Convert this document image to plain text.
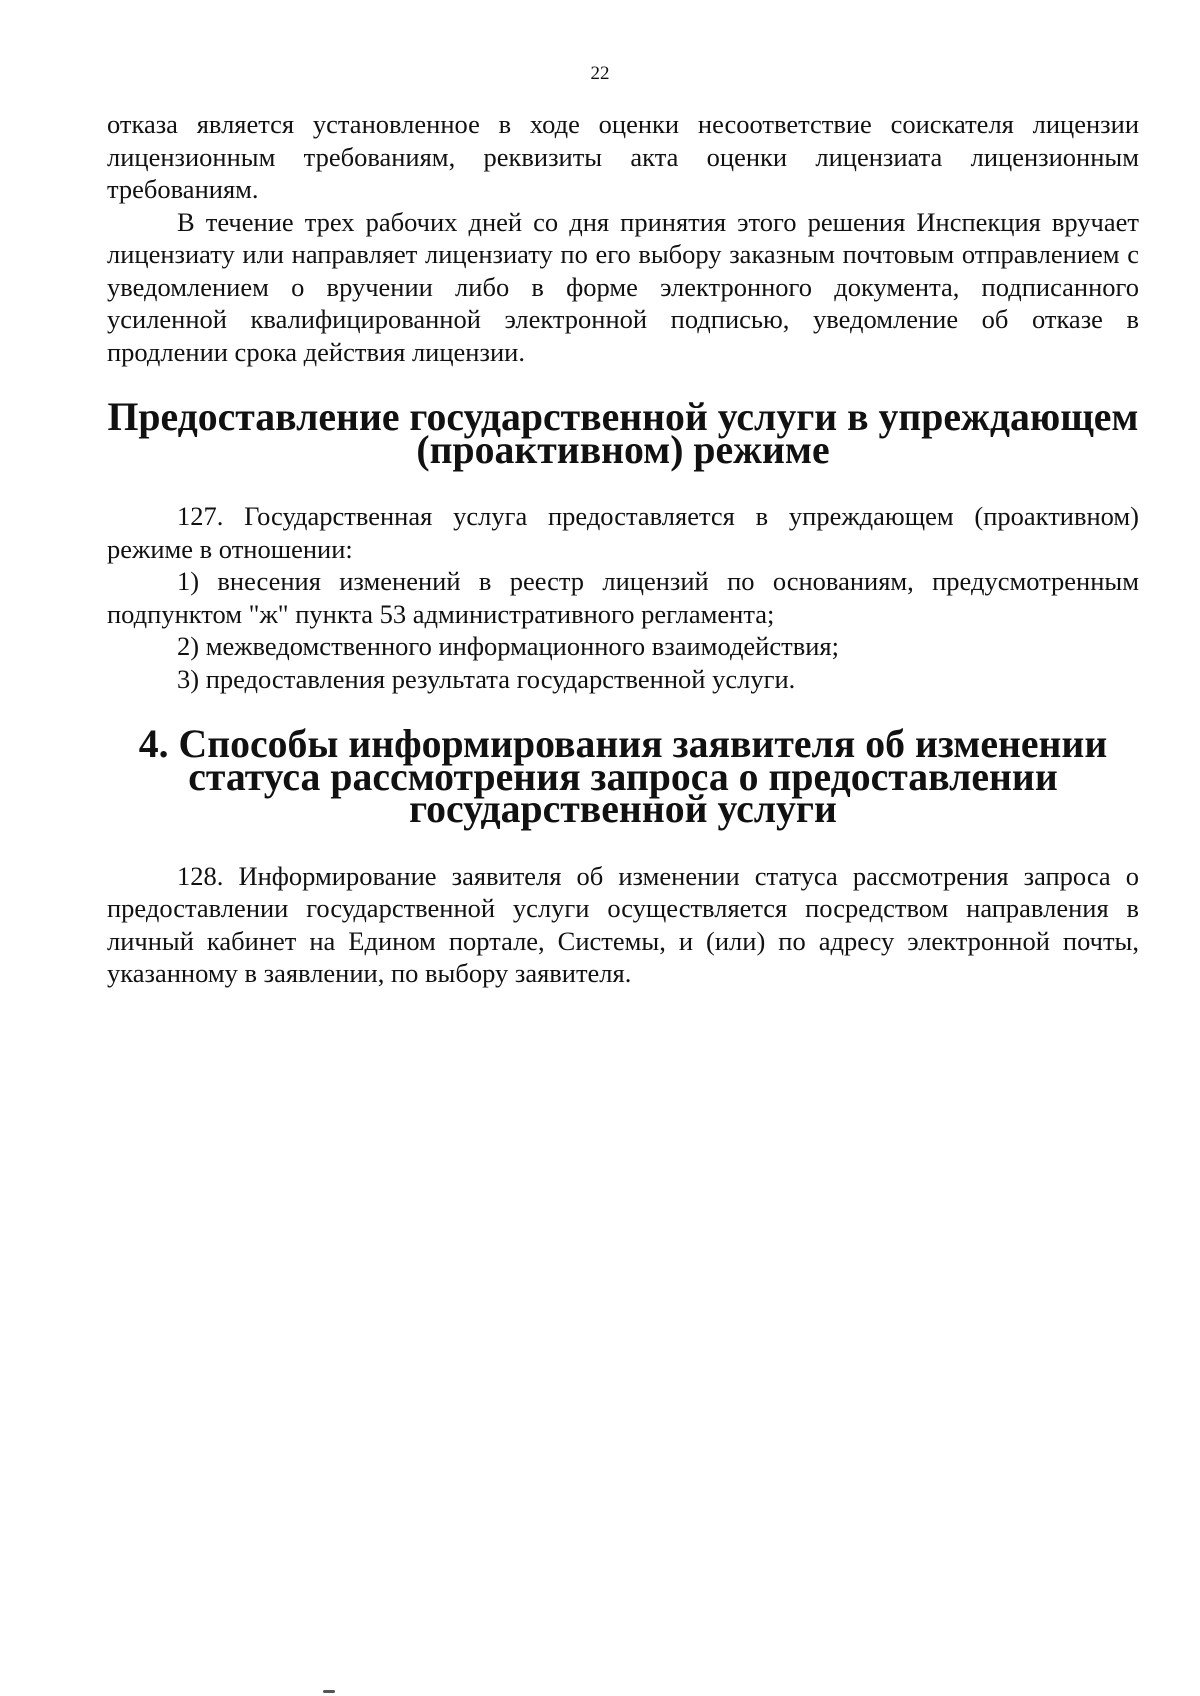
22

отказа является установленное в ходе оценки несоответствие соискателя лицензии лицензионным требованиям, реквизиты акта оценки лицензиата лицензионным требованиям.

В течение трех рабочих дней со дня принятия этого решения Инспекция вручает лицензиату или направляет лицензиату по его выбору заказным почтовым отправлением с уведомлением о вручении либо в форме электронного документа, подписанного усиленной квалифицированной электронной подписью, уведомление об отказе в продлении срока действия лицензии.

Предоставление государственной услуги в упреждающем (проактивном) режиме

127. Государственная услуга предоставляется в упреждающем (проактивном) режиме в отношении:

1) внесения изменений в реестр лицензий по основаниям, предусмотренным подпунктом "ж" пункта 53 административного регламента;

2) межведомственного информационного взаимодействия;

3) предоставления результата государственной услуги.

4. Способы информирования заявителя об изменении статуса рассмотрения запроса о предоставлении государственной услуги

128. Информирование заявителя об изменении статуса рассмотрения запроса о предоставлении государственной услуги осуществляется посредством направления в личный кабинет на Едином портале, Системы, и (или) по адресу электронной почты, указанному в заявлении, по выбору заявителя.
